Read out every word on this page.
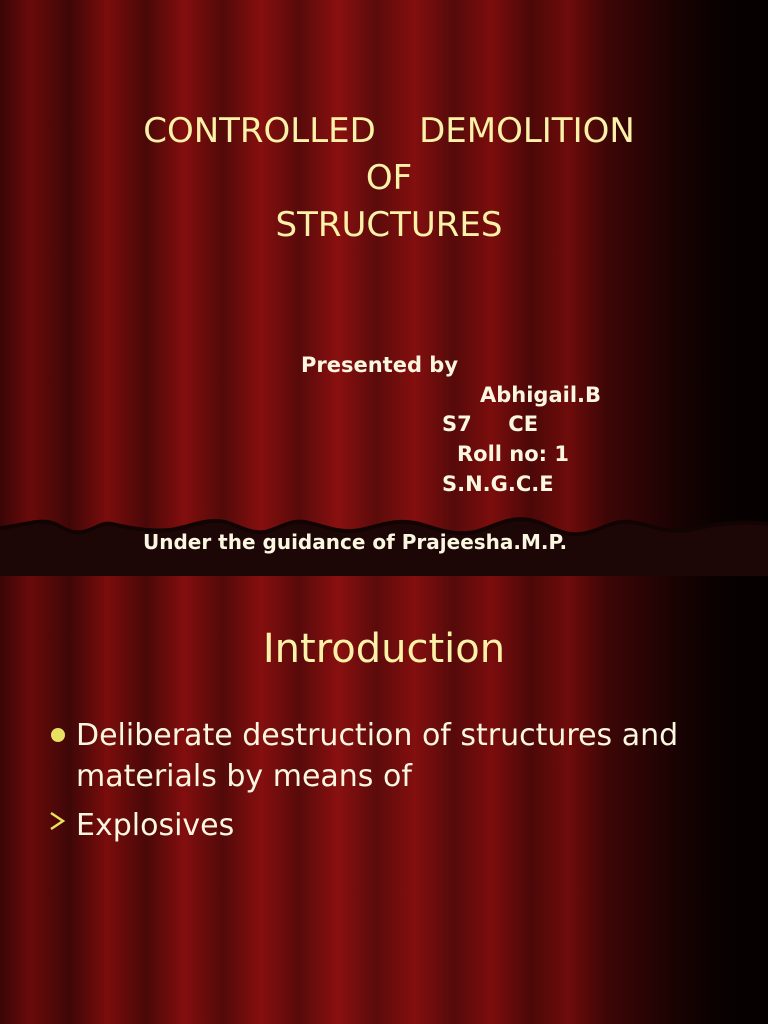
CONTROLLED    DEMOLITION
OF
STRUCTURES
Presented by
Abhigail.B
S7     CE
Roll no: 1
S.N.G.C.E
Under the guidance of Prajeesha.M.P.
Introduction
Deliberate destruction of structures and
materials by means of
Explosives
